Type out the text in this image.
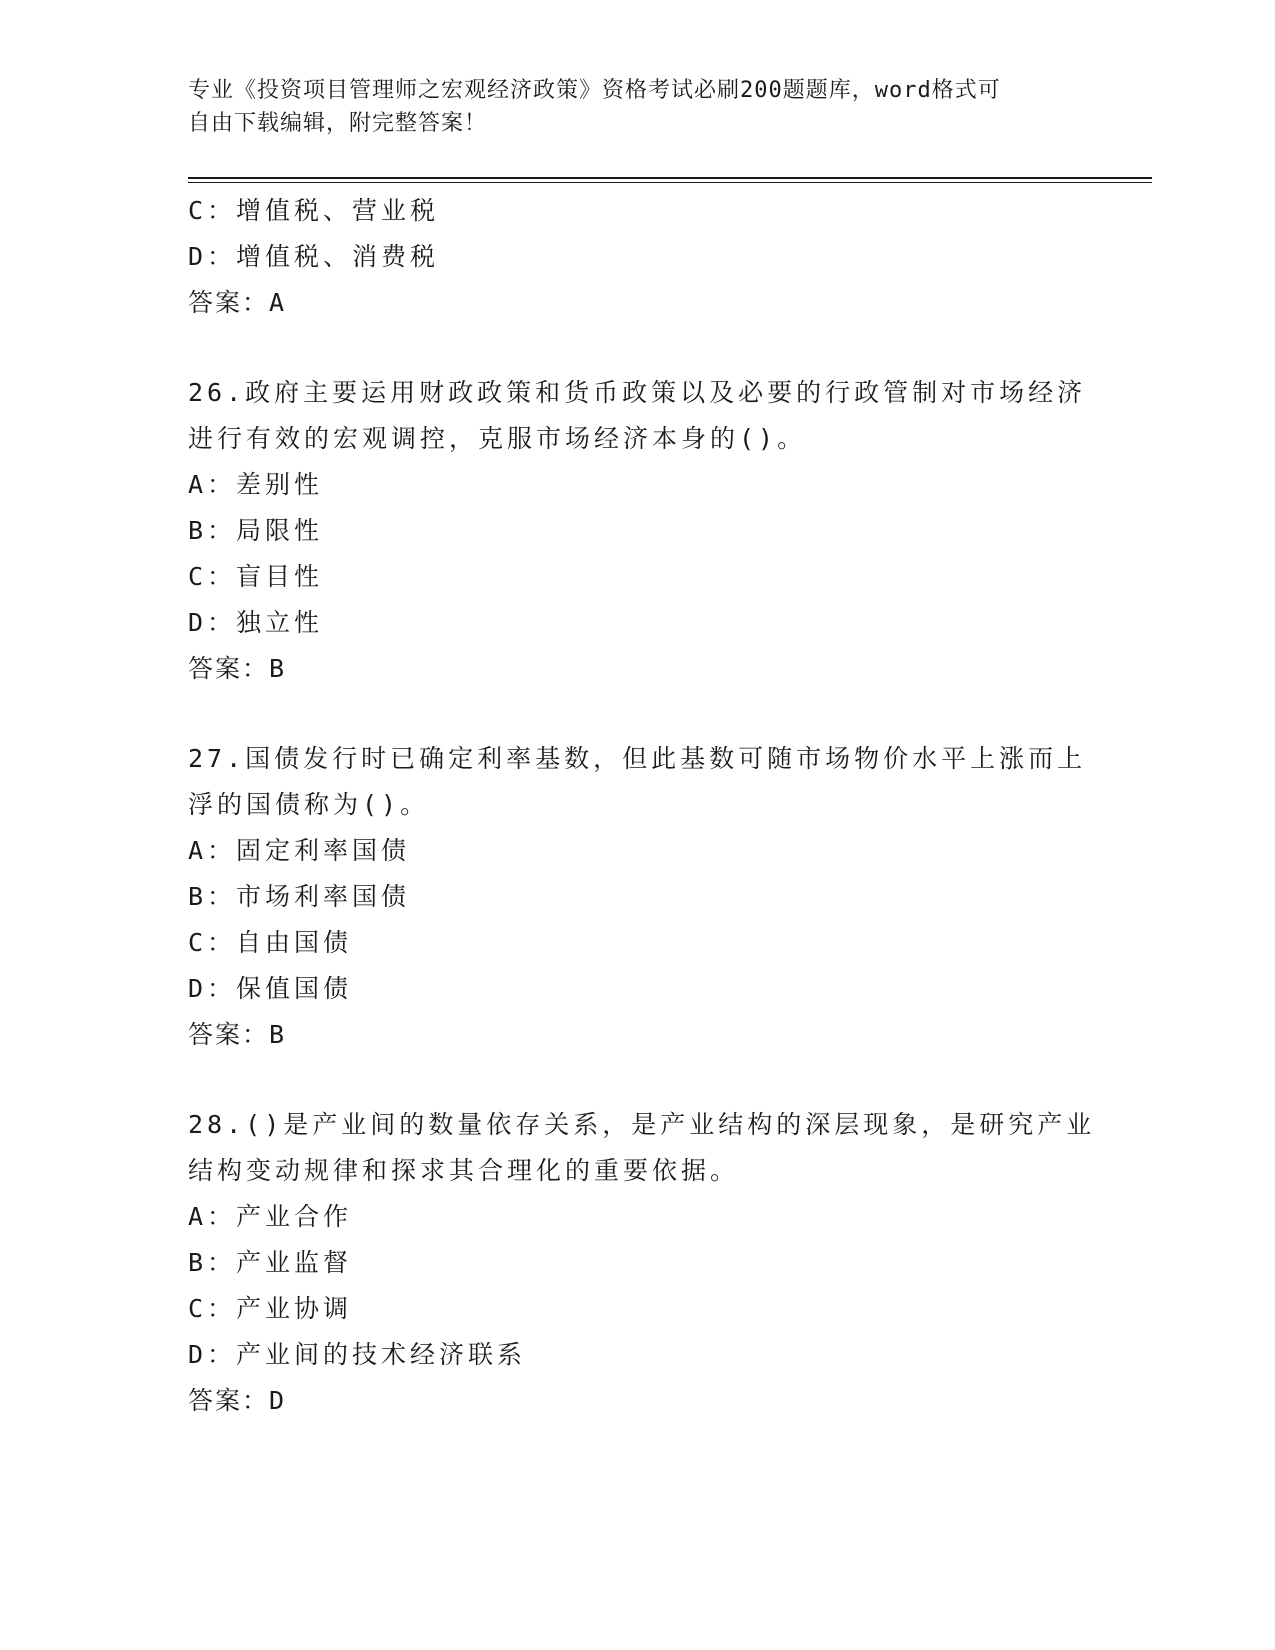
专业《投资项目管理师之宏观经济政策》资格考试必刷200题题库，word格式可
自由下载编辑，附完整答案！
C：增值税、营业税
D：增值税、消费税
答案：A
26.政府主要运用财政政策和货币政策以及必要的行政管制对市场经济
进行有效的宏观调控，克服市场经济本身的()。
A：差别性
B：局限性
C：盲目性
D：独立性
答案：B
27.国债发行时已确定利率基数，但此基数可随市场物价水平上涨而上
浮的国债称为()。
A：固定利率国债
B：市场利率国债
C：自由国债
D：保值国债
答案：B
28.()是产业间的数量依存关系，是产业结构的深层现象，是研究产业
结构变动规律和探求其合理化的重要依据。
A：产业合作
B：产业监督
C：产业协调
D：产业间的技术经济联系
答案：D
